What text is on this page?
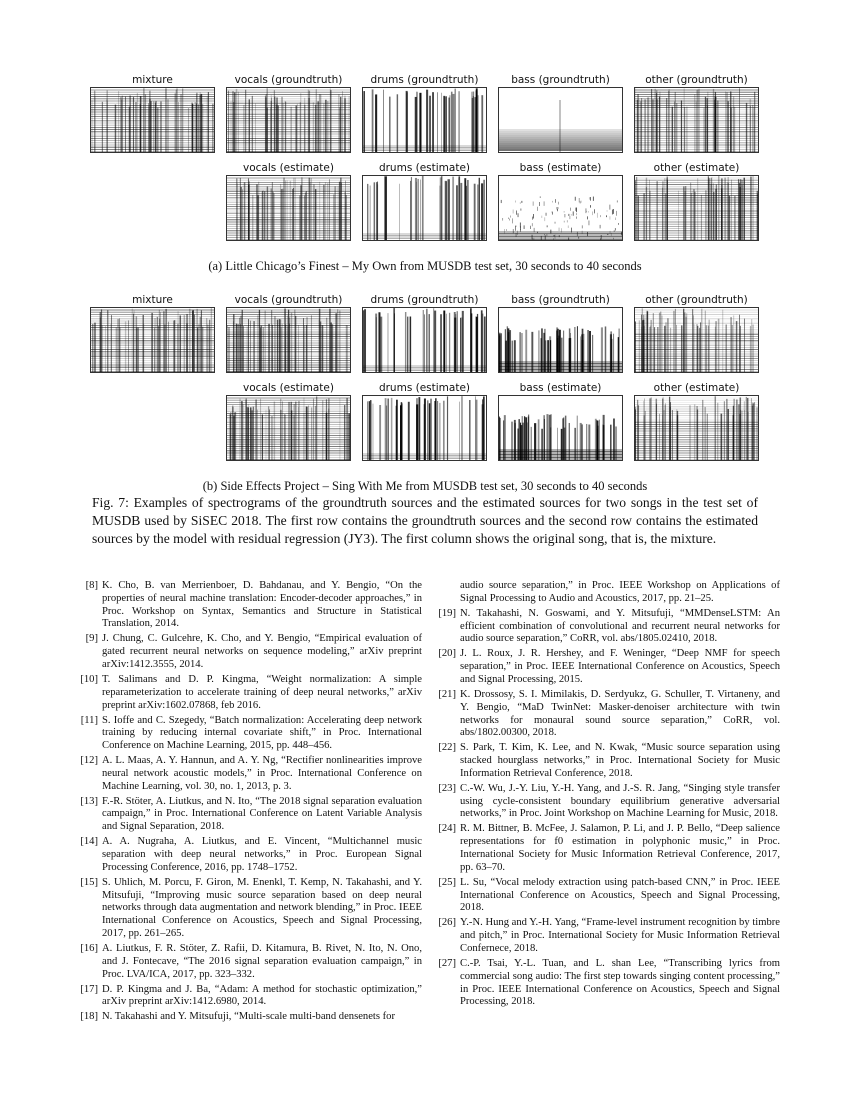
mixture	vocals (groundtruth)	drums (groundtruth)	bass (groundtruth)	other (groundtruth)
vocals (estimate)	drums (estimate)	bass (estimate)	other (estimate)
(a) Little Chicago’s Finest – My Own from MUSDB test set, 30 seconds to 40 seconds
mixture	vocals (groundtruth)	drums (groundtruth)	bass (groundtruth)	other (groundtruth)
vocals (estimate)	drums (estimate)	bass (estimate)	other (estimate)
(b) Side Effects Project – Sing With Me from MUSDB test set, 30 seconds to 40 seconds
Fig. 7: Examples of spectrograms of the groundtruth sources and the estimated sources for two songs in the test set of MUSDB used by SiSEC 2018. The first row contains the groundtruth sources and the second row contains the estimated sources by the model with residual regression (JY3). The first column shows the original song, that is, the mixture.
[8] K. Cho, B. van Merrienboer, D. Bahdanau, and Y. Bengio, “On the properties of neural machine translation: Encoder-decoder approaches,” in Proc. Workshop on Syntax, Semantics and Structure in Statistical Translation, 2014.
[9] J. Chung, C. Gulcehre, K. Cho, and Y. Bengio, “Empirical evaluation of gated recurrent neural networks on sequence modeling,” arXiv preprint arXiv:1412.3555, 2014.
[10] T. Salimans and D. P. Kingma, “Weight normalization: A simple reparameterization to accelerate training of deep neural networks,” arXiv preprint arXiv:1602.07868, feb 2016.
[11] S. Ioffe and C. Szegedy, “Batch normalization: Accelerating deep network training by reducing internal covariate shift,” in Proc. International Conference on Machine Learning, 2015, pp. 448–456.
[12] A. L. Maas, A. Y. Hannun, and A. Y. Ng, “Rectifier nonlinearities improve neural network acoustic models,” in Proc. International Conference on Machine Learning, vol. 30, no. 1, 2013, p. 3.
[13] F.-R. Stöter, A. Liutkus, and N. Ito, “The 2018 signal separation evaluation campaign,” in Proc. International Conference on Latent Variable Analysis and Signal Separation, 2018.
[14] A. A. Nugraha, A. Liutkus, and E. Vincent, “Multichannel music separation with deep neural networks,” in Proc. European Signal Processing Conference, 2016, pp. 1748–1752.
[15] S. Uhlich, M. Porcu, F. Giron, M. Enenkl, T. Kemp, N. Takahashi, and Y. Mitsufuji, “Improving music source separation based on deep neural networks through data augmentation and network blending,” in Proc. IEEE International Conference on Acoustics, Speech and Signal Processing, 2017, pp. 261–265.
[16] A. Liutkus, F. R. Stöter, Z. Rafii, D. Kitamura, B. Rivet, N. Ito, N. Ono, and J. Fontecave, “The 2016 signal separation evaluation campaign,” in Proc. LVA/ICA, 2017, pp. 323–332.
[17] D. P. Kingma and J. Ba, “Adam: A method for stochastic optimization,” arXiv preprint arXiv:1412.6980, 2014.
[18] N. Takahashi and Y. Mitsufuji, “Multi-scale multi-band densenets for
audio source separation,” in Proc. IEEE Workshop on Applications of Signal Processing to Audio and Acoustics, 2017, pp. 21–25.
[19] N. Takahashi, N. Goswami, and Y. Mitsufuji, “MMDenseLSTM: An efficient combination of convolutional and recurrent neural networks for audio source separation,” CoRR, vol. abs/1805.02410, 2018.
[20] J. L. Roux, J. R. Hershey, and F. Weninger, “Deep NMF for speech separation,” in Proc. IEEE International Conference on Acoustics, Speech and Signal Processing, 2015.
[21] K. Drossosy, S. I. Mimilakis, D. Serdyukz, G. Schuller, T. Virtaneny, and Y. Bengio, “MaD TwinNet: Masker-denoiser architecture with twin networks for monaural sound source separation,” CoRR, vol. abs/1802.00300, 2018.
[22] S. Park, T. Kim, K. Lee, and N. Kwak, “Music source separation using stacked hourglass networks,” in Proc. International Society for Music Information Retrieval Conference, 2018.
[23] C.-W. Wu, J.-Y. Liu, Y.-H. Yang, and J.-S. R. Jang, “Singing style transfer using cycle-consistent boundary equilibrium generative adversarial networks,” in Proc. Joint Workshop on Machine Learning for Music, 2018.
[24] R. M. Bittner, B. McFee, J. Salamon, P. Li, and J. P. Bello, “Deep salience representations for f0 estimation in polyphonic music,” in Proc. International Society for Music Information Retrieval Conference, 2017, pp. 63–70.
[25] L. Su, “Vocal melody extraction using patch-based CNN,” in Proc. IEEE International Conference on Acoustics, Speech and Signal Processing, 2018.
[26] Y.-N. Hung and Y.-H. Yang, “Frame-level instrument recognition by timbre and pitch,” in Proc. International Society for Music Information Retrieval Confernece, 2018.
[27] C.-P. Tsai, Y.-L. Tuan, and L. shan Lee, “Transcribing lyrics from commercial song audio: The first step towards singing content processing,” in Proc. IEEE International Conference on Acoustics, Speech and Signal Processing, 2018.
